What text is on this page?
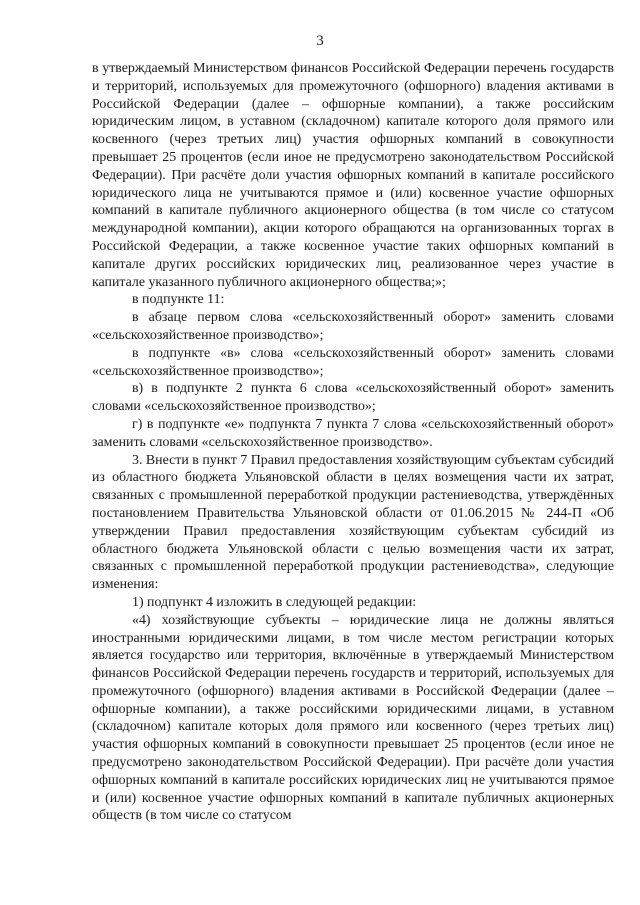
3

в утверждаемый Министерством финансов Российской Федерации перечень государств и территорий, используемых для промежуточного (офшорного) владения активами в Российской Федерации (далее – офшорные компании), а также российским юридическим лицом, в уставном (складочном) капитале которого доля прямого или косвенного (через третьих лиц) участия офшорных компаний в совокупности превышает 25 процентов (если иное не предусмотрено законодательством Российской Федерации). При расчёте доли участия офшорных компаний в капитале российского юридического лица не учитываются прямое и (или) косвенное участие офшорных компаний в капитале публичного акционерного общества (в том числе со статусом международной компании), акции которого обращаются на организованных торгах в Российской Федерации, а также косвенное участие таких офшорных компаний в капитале других российских юридических лиц, реализованное через участие в капитале указанного публичного акционерного общества;»;

в подпункте 11:

в абзаце первом слова «сельскохозяйственный оборот» заменить словами «сельскохозяйственное производство»;

в подпункте «в» слова «сельскохозяйственный оборот» заменить словами «сельскохозяйственное производство»;

в) в подпункте 2 пункта 6 слова «сельскохозяйственный оборот» заменить словами «сельскохозяйственное производство»;

г) в подпункте «е» подпункта 7 пункта 7 слова «сельскохозяйственный оборот» заменить словами «сельскохозяйственное производство».

3. Внести в пункт 7 Правил предоставления хозяйствующим субъектам субсидий из областного бюджета Ульяновской области в целях возмещения части их затрат, связанных с промышленной переработкой продукции растениеводства, утверждённых постановлением Правительства Ульяновской области от 01.06.2015 № 244-П «Об утверждении Правил предоставления хозяйствующим субъектам субсидий из областного бюджета Ульяновской области с целью возмещения части их затрат, связанных с промышленной переработкой продукции растениеводства», следующие изменения:

1) подпункт 4 изложить в следующей редакции:

«4) хозяйствующие субъекты – юридические лица не должны являться иностранными юридическими лицами, в том числе местом регистрации которых является государство или территория, включённые в утверждаемый Министерством финансов Российской Федерации перечень государств и территорий, используемых для промежуточного (офшорного) владения активами в Российской Федерации (далее – офшорные компании), а также российскими юридическими лицами, в уставном (складочном) капитале которых доля прямого или косвенного (через третьих лиц) участия офшорных компаний в совокупности превышает 25 процентов (если иное не предусмотрено законодательством Российской Федерации). При расчёте доли участия офшорных компаний в капитале российских юридических лиц не учитываются прямое и (или) косвенное участие офшорных компаний в капитале публичных акционерных обществ (в том числе со статусом
